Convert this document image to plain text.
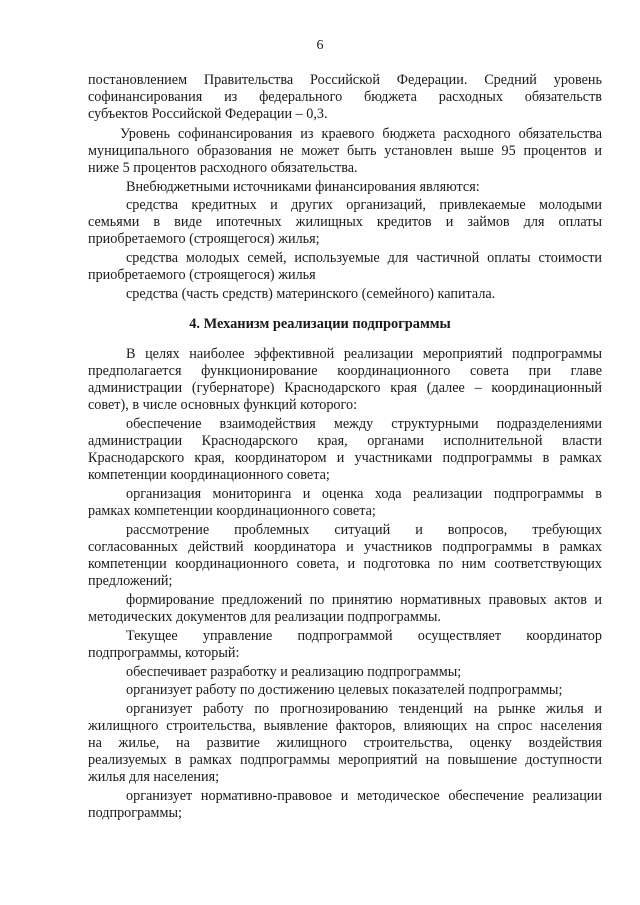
6
постановлением Правительства Российской Федерации. Средний уровень
софинансирования из федерального бюджета расходных обязательств
субъектов Российской Федерации – 0,3.
Уровень софинансирования из краевого бюджета расходного обязательства
муниципального образования не может быть установлен выше 95 процентов и
ниже 5 процентов расходного обязательства.
Внебюджетными источниками финансирования являются:
средства кредитных и других организаций, привлекаемые молодыми
семьями в виде ипотечных жилищных кредитов и займов для оплаты
приобретаемого (строящегося) жилья;
средства молодых семей, используемые для частичной оплаты стоимости
приобретаемого (строящегося) жилья
средства (часть средств) материнского (семейного) капитала.
4. Механизм реализации подпрограммы
В целях наиболее эффективной реализации мероприятий подпрограммы
предполагается функционирование координационного совета при главе
администрации (губернаторе) Краснодарского края (далее – координационный
совет), в числе основных функций которого:
обеспечение взаимодействия между структурными подразделениями
администрации Краснодарского края, органами исполнительной власти
Краснодарского края, координатором и участниками подпрограммы в рамках
компетенции координационного совета;
организация мониторинга и оценка хода реализации подпрограммы в
рамках компетенции координационного совета;
рассмотрение проблемных ситуаций и вопросов, требующих
согласованных действий координатора и участников подпрограммы в рамках
компетенции координационного совета, и подготовка по ним соответствующих
предложений;
формирование предложений по принятию нормативных правовых актов и
методических документов для реализации подпрограммы.
Текущее управление подпрограммой осуществляет координатор
подпрограммы, который:
обеспечивает разработку и реализацию подпрограммы;
организует работу по достижению целевых показателей подпрограммы;
организует работу по прогнозированию тенденций на рынке жилья и
жилищного строительства, выявление факторов, влияющих на спрос населения
на жилье, на развитие жилищного строительства, оценку воздействия
реализуемых в рамках подпрограммы мероприятий на повышение доступности
жилья для населения;
организует нормативно-правовое и методическое обеспечение реализации
подпрограммы;
